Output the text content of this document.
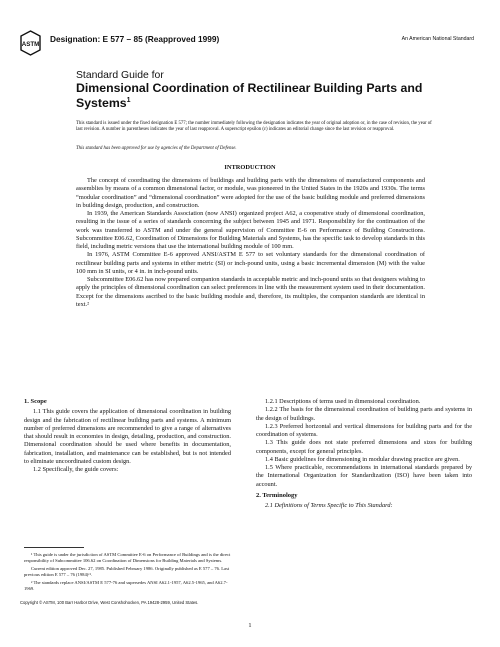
ASTM
Designation: E 577 – 85 (Reapproved 1999)	An American National Standard
Standard Guide for
Dimensional Coordination of Rectilinear Building Parts and Systems$^1$
This standard is issued under the fixed designation E 577; the number immediately following the designation indicates the year of original adoption or, in the case of revision, the year of last revision. A number in parentheses indicates the year of last reapproval. A superscript epsilon (ε) indicates an editorial change since the last revision or reapproval.
This standard has been approved for use by agencies of the Department of Defense.
INTRODUCTION

The concept of coordinating the dimensions of buildings and building parts with the dimensions of manufactured components and assemblies by means of a common dimensional factor, or module, was pioneered in the United States in the 1920s and 1930s. The terms “modular coordination” and “dimensional coordination” were adopted for the use of the basic building module and preferred dimensions in building design, production, and construction.

In 1939, the American Standards Association (now ANSI) organized project A62, a cooperative study of dimensional coordination, resulting in the issue of a series of standards concerning the subject between 1945 and 1971. Responsibility for the continuation of the work was transferred to ASTM and under the general supervision of Committee E-6 on Performance of Building Constructions. Subcommittee E06.62, Coordination of Dimensions for Building Materials and Systems, has the specific task to develop standards in this field, including metric versions that use the international building module of 100 mm.

In 1976, ASTM Committee E-6 approved ANSI/ASTM E 577 to set voluntary standards for the dimensional coordination of rectilinear building parts and systems in either metric (SI) or inch-pound units, using a basic incremental dimension (M) with the value 100 mm in SI units, or 4 in. in inch-pound units.

Subcommittee E06.62 has now prepared companion standards in acceptable metric and inch-pound units so that designers wishing to apply the principles of dimensional coordination can select preferences in line with the measurement system used in their documentation. Except for the dimensions ascribed to the basic building module and, therefore, its multiples, the companion standards are identical in text.²

1. Scope

1.1 This guide covers the application of dimensional coordination in building design and the fabrication of rectilinear building parts and systems. A minimum number of preferred dimensions are recommended to give a range of alternatives that should result in economies in design, detailing, production, and construction. Dimensional coordination should be used where benefits in documentation, fabrication, installation, and maintenance can be established, but is not intended to eliminate uncoordinated custom design.

1.2 Specifically, the guide covers:

1.2.1 Descriptions of terms used in dimensional coordination.

1.2.2 The basis for the dimensional coordination of building parts and systems in the design of buildings.

1.2.3 Preferred horizontal and vertical dimensions for building parts and for the coordination of systems.

1.3 This guide does not state preferred dimensions and sizes for building components, except for general principles.

1.4 Basic guidelines for dimensioning in modular drawing practice are given.

1.5 Where practicable, recommendations in international standards prepared by the International Organization for Standardization (ISO) have been taken into account.

2. Terminology

2.1 Definitions of Terms Specific to This Standard:

¹ This guide is under the jurisdiction of ASTM Committee E-6 on Performance of Buildings and is the direct responsibility of Subcommittee 106.62 on Coordination of Dimensions for Building Materials and Systems.

Current edition approved Dec. 27, 1985. Published February 1986. Originally published as E 577 – 76. Last previous edition E 577 – 76 (1984)ᵉ¹.

² The standards replace ANSI/ASTM E 577-76 and supersedes ANSI A62.1-1957, A62.5-1965, and A62.7-1969.

Copyright © ASTM, 100 Barr Harbor Drive, West Conshohocken, PA 19428-2959, United States.
1
